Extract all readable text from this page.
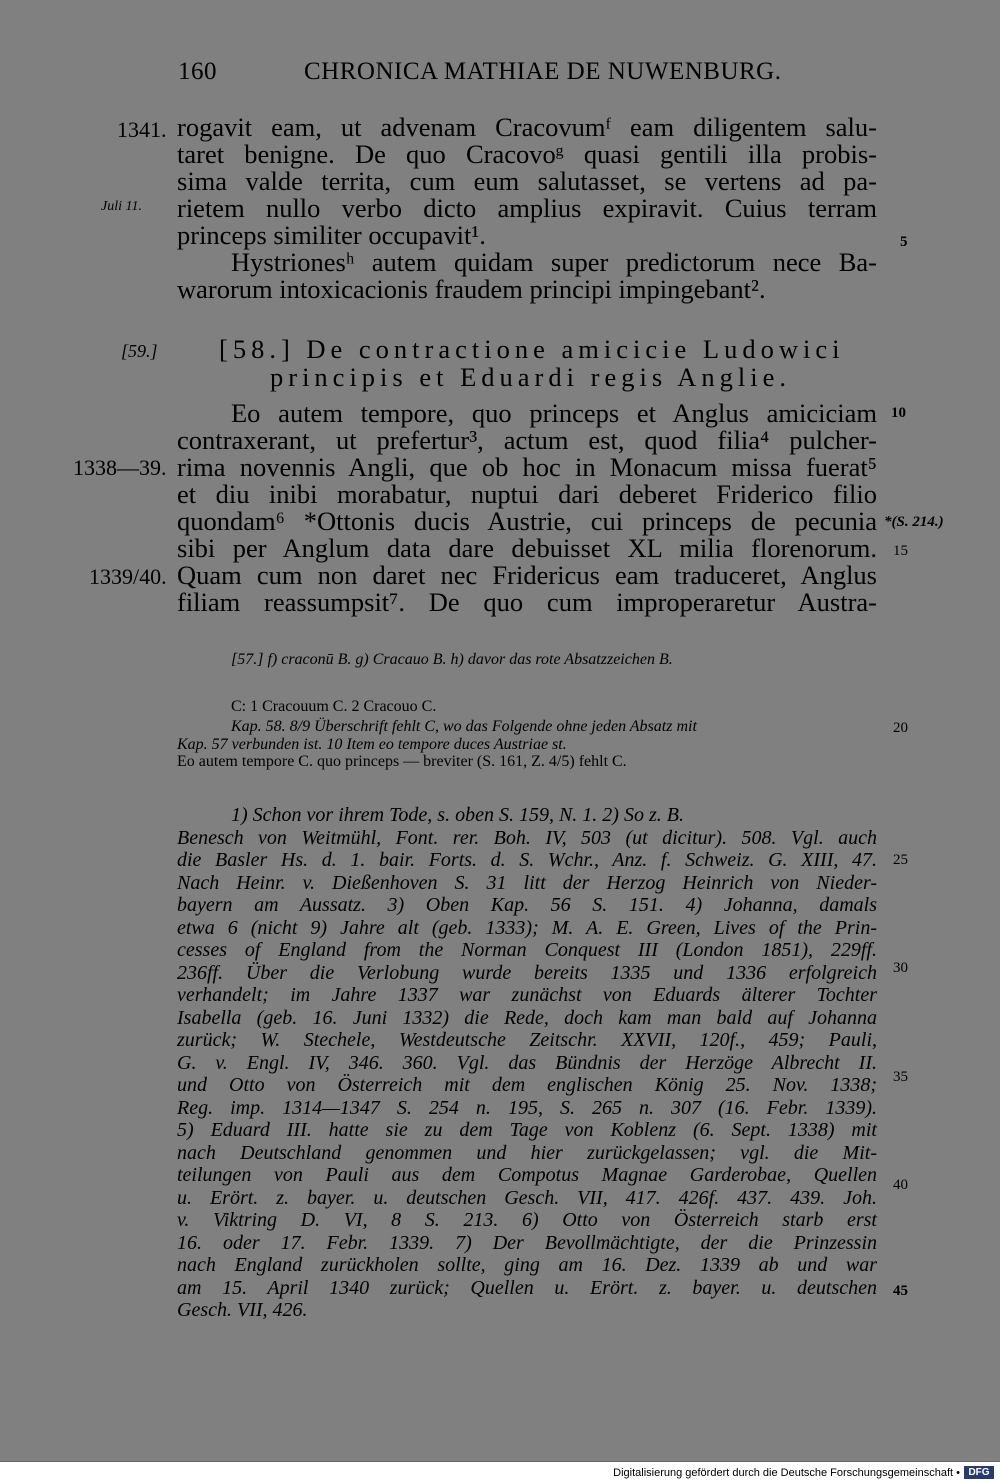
160	CHRONICA MATHIAE DE NUWENBURG.
1341.
Juli 11.
[59.]
1338—39.
1339/40.
5
10
*(S. 214.)
15
20
25
30
35
40
45
rogavit eam, ut advenam Cracovumᶠ eam diligentem salu-
taret benigne. De quo Cracovoᵍ quasi gentili illa probis-
sima valde territa, cum eum salutasset, se vertens ad pa-
rietem nullo verbo dicto amplius expiravit. Cuius terram
princeps similiter occupavit¹.
Hystrionesʰ autem quidam super predictorum nece Ba-
warorum intoxicacionis fraudem principi impingebant².
[58.] De contractione amicicie Ludowici
principis et Eduardi regis Anglie.
Eo autem tempore, quo princeps et Anglus amiciciam
contraxerant, ut prefertur³, actum est, quod filia⁴ pulcher-
rima novennis Angli, que ob hoc in Monacum missa fuerat⁵
et diu inibi morabatur, nuptui dari deberet Friderico filio
quondam⁶ *Ottonis ducis Austrie, cui princeps de pecunia
sibi per Anglum data dare debuisset XL milia florenorum.
Quam cum non daret nec Fridericus eam traduceret, Anglus
filiam reassumpsit⁷. De quo cum improperaretur Austra-
[57.] f) craconū B. g) Cracauo B. h) davor das rote Absatzzeichen B.
C: 1 Cracouum C. 2 Cracouo C.
Kap. 58. 8/9 Überschrift fehlt C, wo das Folgende ohne jeden Absatz mit
Kap. 57 verbunden ist. 10 Item eo tempore duces Austriae st.
Eo autem tempore C. quo princeps — breviter (S. 161, Z. 4/5) fehlt C.
1) Schon vor ihrem Tode, s. oben S. 159, N. 1. 2) So z. B.
Benesch von Weitmühl, Font. rer. Boh. IV, 503 (ut dicitur). 508. Vgl. auch
die Basler Hs. d. 1. bair. Forts. d. S. Wchr., Anz. f. Schweiz. G. XIII, 47.
Nach Heinr. v. Dießenhoven S. 31 litt der Herzog Heinrich von Nieder-
bayern am Aussatz. 3) Oben Kap. 56 S. 151. 4) Johanna, damals
etwa 6 (nicht 9) Jahre alt (geb. 1333); M. A. E. Green, Lives of the Prin-
cesses of England from the Norman Conquest III (London 1851), 229ff.
236ff. Über die Verlobung wurde bereits 1335 und 1336 erfolgreich
verhandelt; im Jahre 1337 war zunächst von Eduards älterer Tochter
Isabella (geb. 16. Juni 1332) die Rede, doch kam man bald auf Johanna
zurück; W. Stechele, Westdeutsche Zeitschr. XXVII, 120f., 459; Pauli,
G. v. Engl. IV, 346. 360. Vgl. das Bündnis der Herzöge Albrecht II.
und Otto von Österreich mit dem englischen König 25. Nov. 1338;
Reg. imp. 1314—1347 S. 254 n. 195, S. 265 n. 307 (16. Febr. 1339).
5) Eduard III. hatte sie zu dem Tage von Koblenz (6. Sept. 1338) mit
nach Deutschland genommen und hier zurückgelassen; vgl. die Mit-
teilungen von Pauli aus dem Compotus Magnae Garderobae, Quellen
u. Erört. z. bayer. u. deutschen Gesch. VII, 417. 426f. 437. 439. Joh.
v. Viktring D. VI, 8 S. 213. 6) Otto von Österreich starb erst
16. oder 17. Febr. 1339. 7) Der Bevollmächtigte, der die Prinzessin
nach England zurückholen sollte, ging am 16. Dez. 1339 ab und war
am 15. April 1340 zurück; Quellen u. Erört. z. bayer. u. deutschen
Gesch. VII, 426.
Digitalisierung gefördert durch die Deutsche Forschungsgemeinschaft • DFG
